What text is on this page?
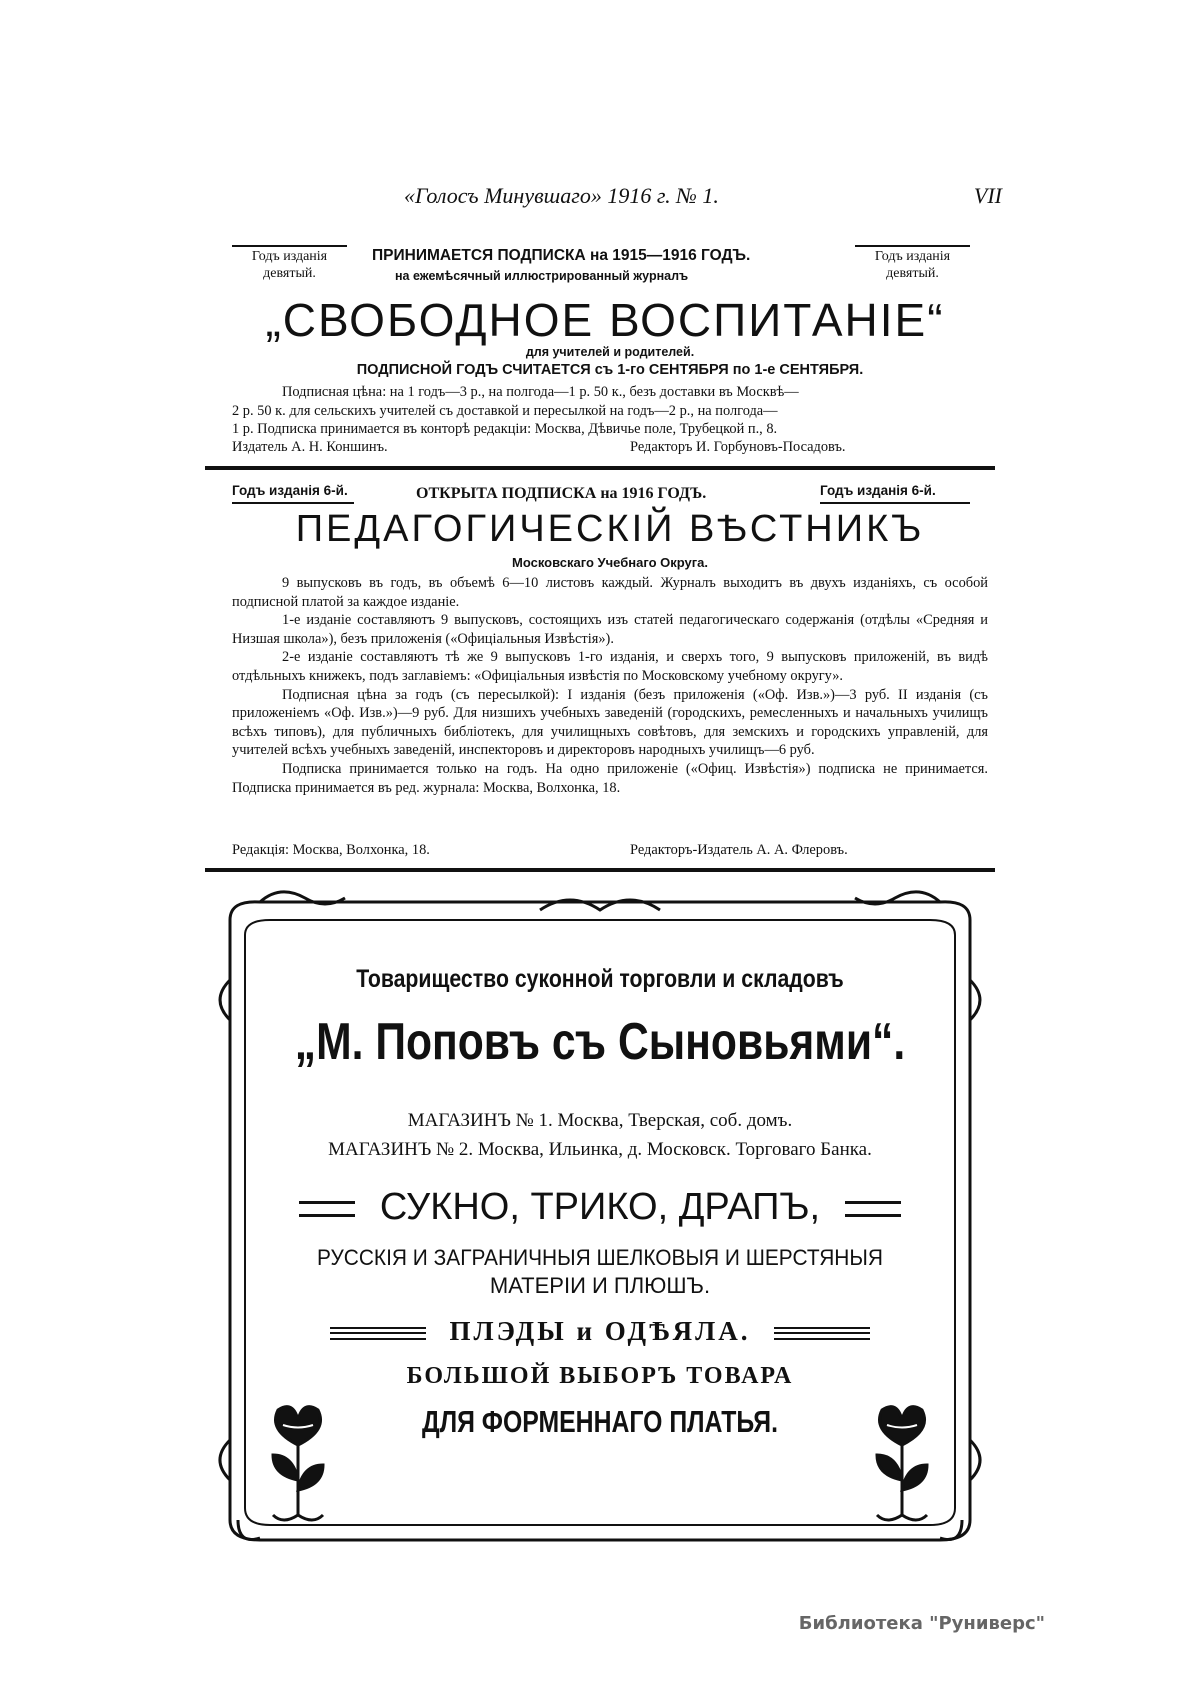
«Голосъ Минувшаго» 1916 г. № 1.	VII
Годъ изданія
девятый.
Годъ изданія
девятый.
ПРИНИМАЕТСЯ ПОДПИСКА на 1915—1916 ГОДЪ.
на ежемѣсячный иллюстрированный журналъ
„СВОБОДНОЕ ВОСПИТАНІЕ“
для учителей и родителей.
ПОДПИСНОЙ ГОДЪ СЧИТАЕТСЯ съ 1-го СЕНТЯБРЯ по 1-е СЕНТЯБРЯ.

Подписная цѣна: на 1 годъ—3 р., на полгода—1 р. 50 к., безъ доставки въ Москвѣ—

2 р. 50 к. для сельскихъ учителей съ доставкой и пересылкой на годъ—2 р., на полгода—

1 р. Подписка принимается въ конторѣ редакціи: Москва, Дѣвичье поле, Трубецкой п., 8.

Издатель А. Н. Коншинъ.	Редакторъ И. Горбуновъ-Посадовъ.
Годъ изданія 6-й.	Годъ изданія 6-й.
ОТКРЫТА ПОДПИСКА на 1916 ГОДЪ.
ПЕДАГОГИЧЕСКІЙ ВѢСТНИКЪ
Московскаго Учебнаго Округа.

9 выпусковъ въ годъ, въ объемѣ 6—10 листовъ каждый. Журналъ выходитъ въ двухъ изданіяхъ, съ особой подписной платой за каждое изданіе.

1-е изданіе составляютъ 9 выпусковъ, состоящихъ изъ статей педагогическаго содержанія (отдѣлы «Средняя и Низшая школа»), безъ приложенія («Офиціальныя Извѣстія»).

2-е изданіе составляютъ тѣ же 9 выпусковъ 1-го изданія, и сверхъ того, 9 выпусковъ приложеній, въ видѣ отдѣльныхъ книжекъ, подъ заглавіемъ: «Офиціальныя извѣстія по Московскому учебному округу».

Подписная цѣна за годъ (съ пересылкой): I изданія (безъ приложенія («Оф. Изв.»)—3 руб. II изданія (съ приложеніемъ «Оф. Изв.»)—9 руб. Для низшихъ учебныхъ заведеній (городскихъ, ремесленныхъ и начальныхъ училищъ всѣхъ типовъ), для публичныхъ библіотекъ, для училищныхъ совѣтовъ, для земскихъ и городскихъ управленій, для учителей всѣхъ учебныхъ заведеній, инспекторовъ и директоровъ народныхъ училищъ—6 руб.

Подписка принимается только на годъ. На одно приложеніе («Офиц. Извѣстія») подписка не принимается. Подписка принимается въ ред. журнала: Москва, Волхонка, 18.

Редакція: Москва, Волхонка, 18.	Редакторъ-Издатель А. А. Флеровъ.
Товарищество суконной торговли и складовъ
„М. Поповъ съ Сыновьями“.
МАГАЗИНЪ № 1. Москва, Тверская, соб. домъ.
МАГАЗИНЪ № 2. Москва, Ильинка, д. Московск. Торговаго Банка.
СУКНО, ТРИКО, ДРАПЪ,
РУССКІЯ И ЗАГРАНИЧНЫЯ ШЕЛКОВЫЯ И ШЕРСТЯНЫЯ
МАТЕРІИ И ПЛЮШЪ.
ПЛЭДЫ и ОДѢЯЛА.
БОЛЬШОЙ ВЫБОРЪ ТОВАРА
ДЛЯ ФОРМЕННАГО ПЛАТЬЯ.
Библиотека "Руниверс"
